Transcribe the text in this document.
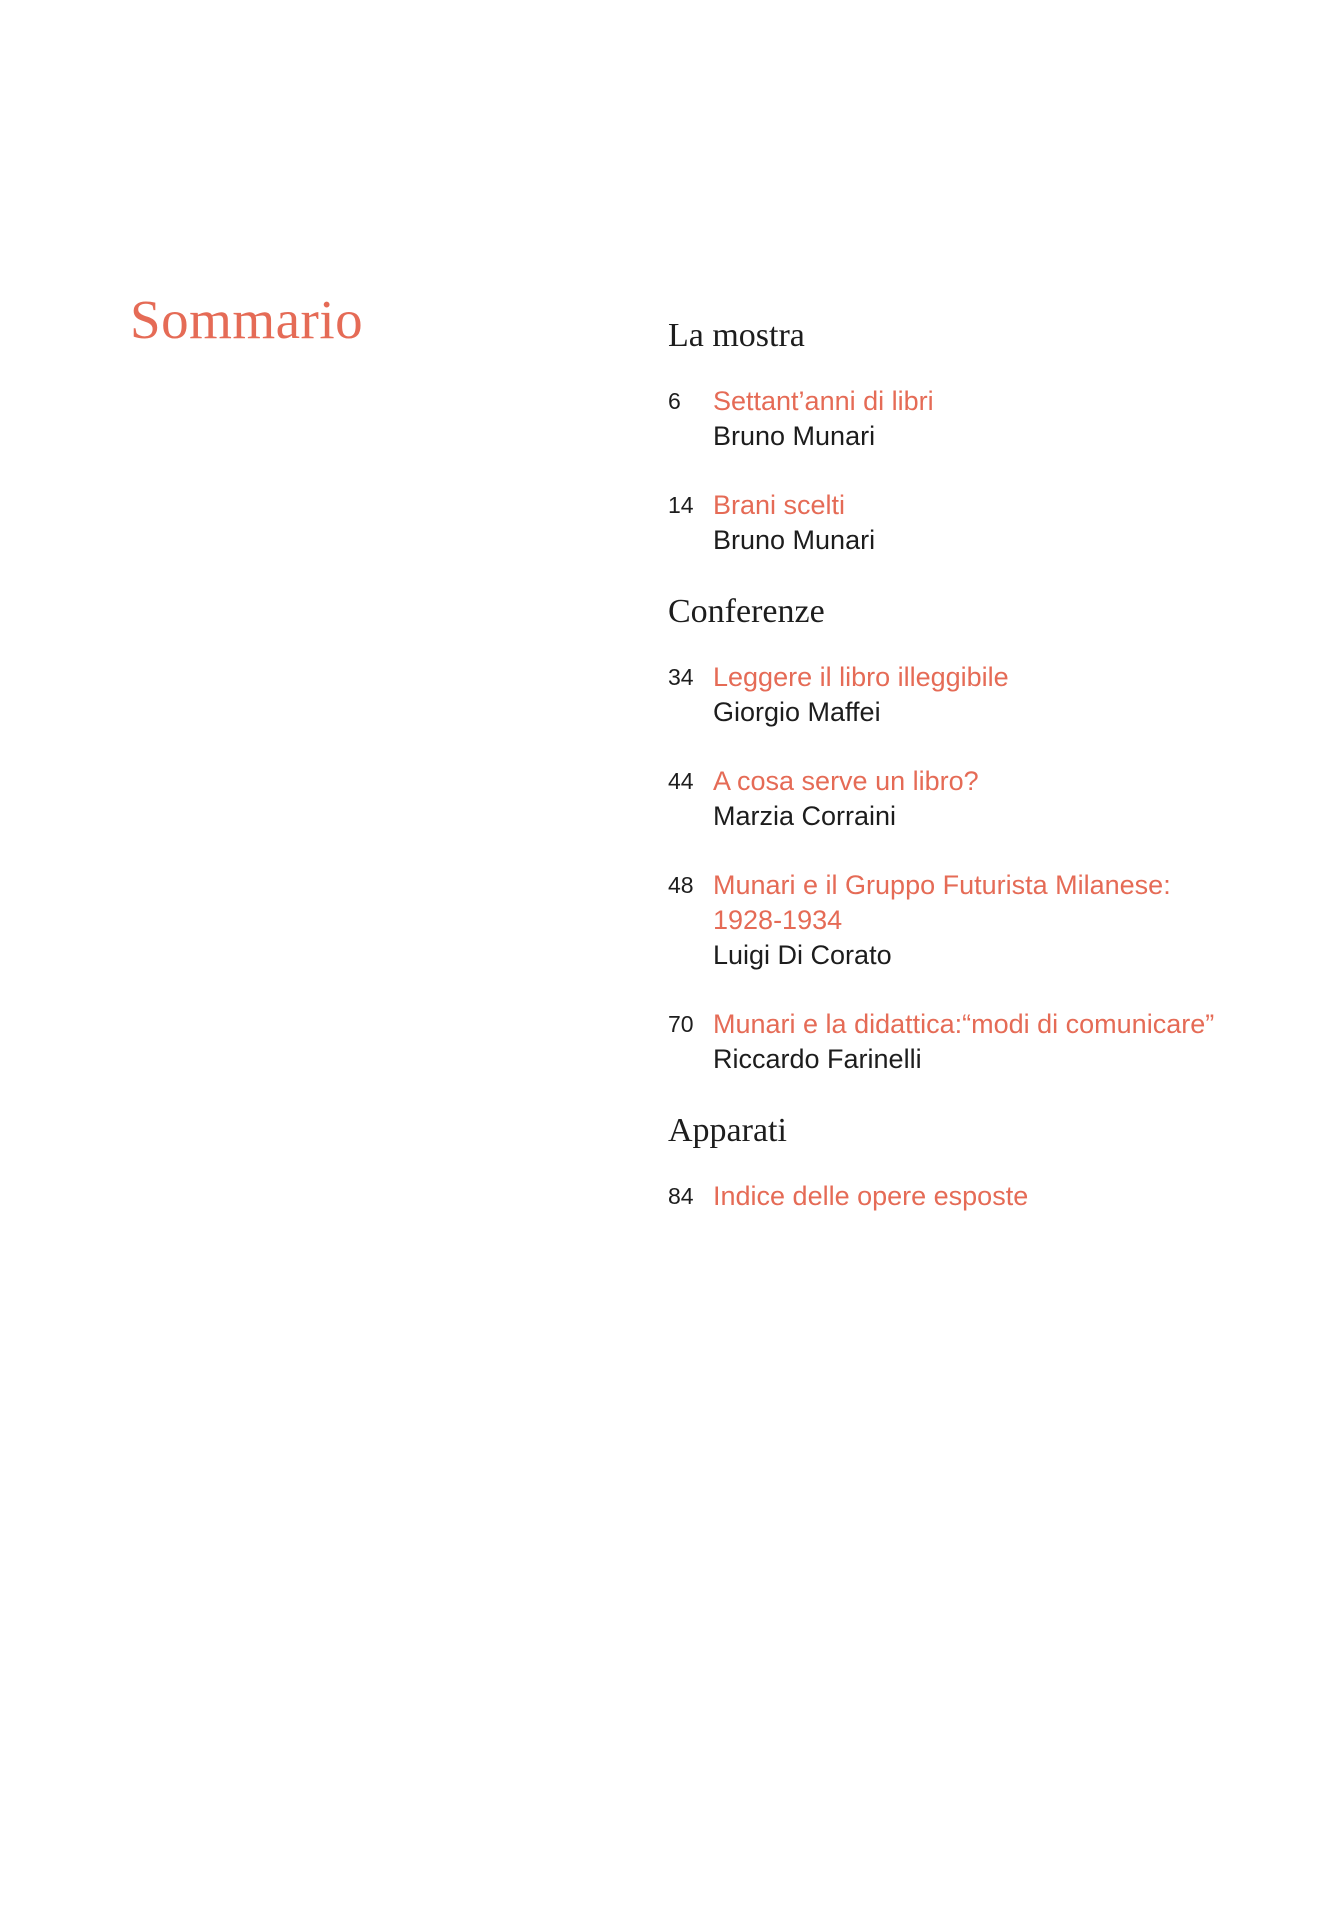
Sommario	La mostra
6	Settant’anni di libri
Bruno Munari
14 Brani scelti
Bruno Munari
Conferenze
34 Leggere il libro illeggibile
Giorgio Maffei
44 A cosa serve un libro?
Marzia Corraini
48 Munari e il Gruppo Futurista Milanese:
1928-1934
Luigi Di Corato
70 Munari e la didattica:“modi di comunicare”
Riccardo Farinelli
Apparati
84 Indice delle opere esposte
